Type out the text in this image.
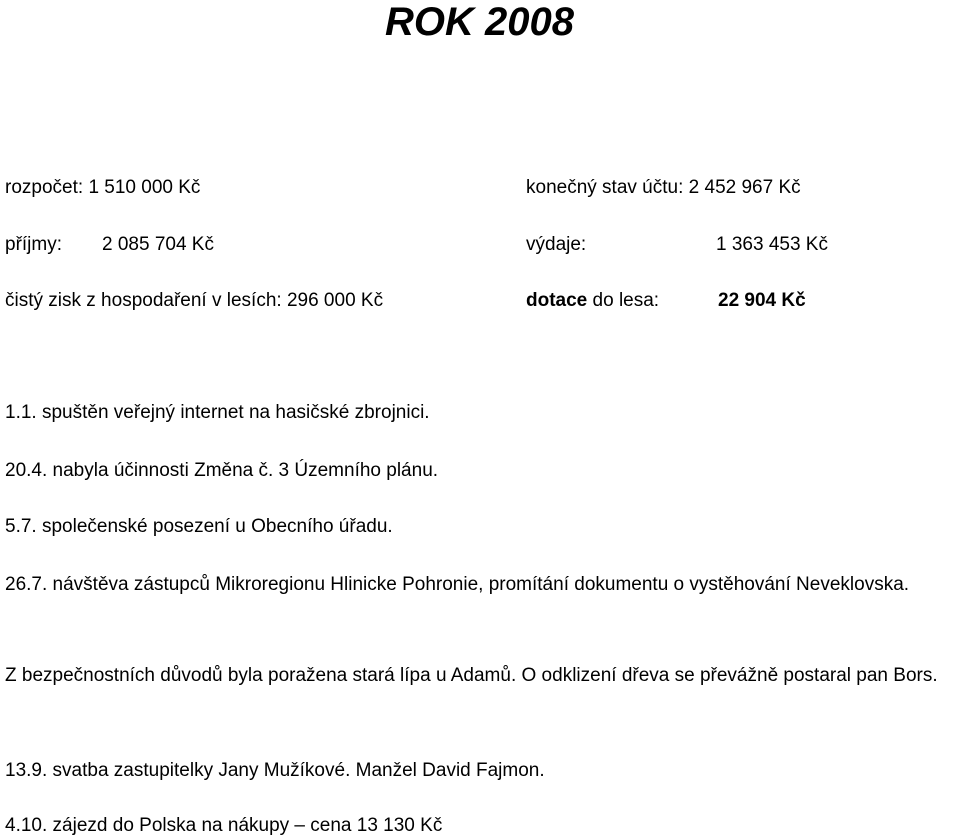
ROK 2008
rozpočet: 1 510 000 Kč	konečný stav účtu: 2 452 967 Kč
příjmy: 2 085 704 Kč	výdaje:	1 363 453 Kč
čistý zisk z hospodaření v lesích: 296 000 Kč	dotace do lesa:	22 904 Kč

1.1. spuštěn veřejný internet na hasičské zbrojnici.

20.4. nabyla účinnosti Změna č. 3 Územního plánu.

5.7. společenské posezení u Obecního úřadu.

26.7. návštěva zástupců Mikroregionu Hlinicke Pohronie, promítání dokumentu o vystěhování Neveklovska.

Z bezpečnostních důvodů byla poražena stará lípa u Adamů. O odklizení dřeva se převážně postaral pan Bors.

13.9. svatba zastupitelky Jany Mužíkové. Manžel David Fajmon.

4.10. zájezd do Polska na nákupy – cena 13 130 Kč
